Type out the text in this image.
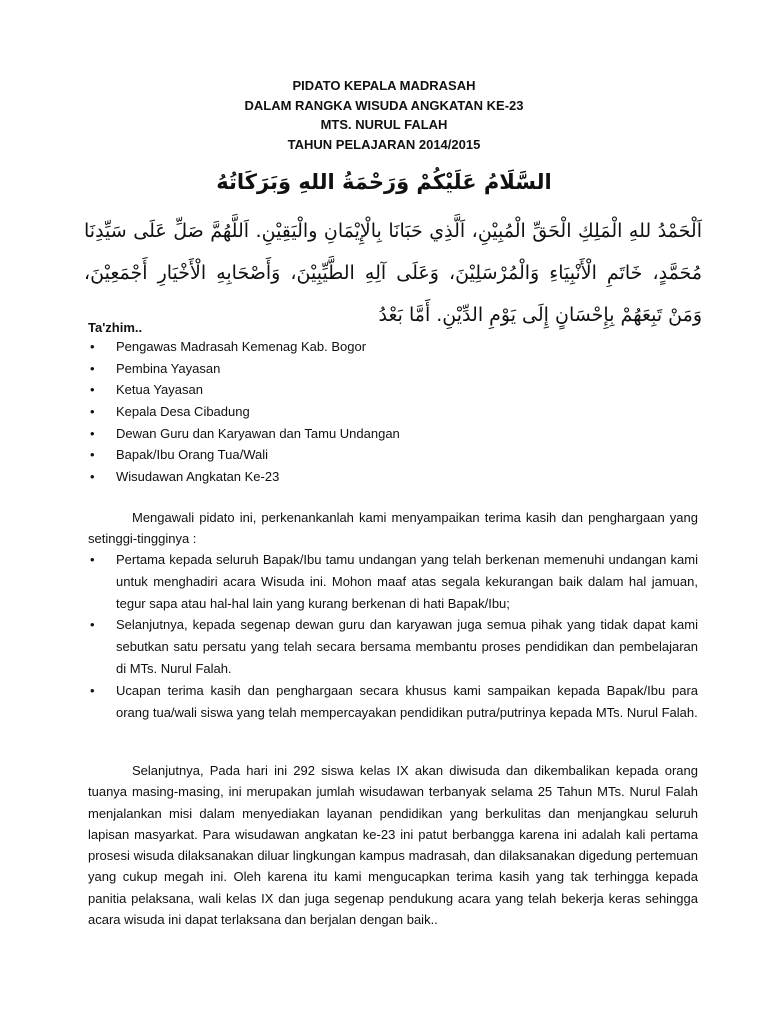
PIDATO KEPALA MADRASAH
DALAM RANGKA WISUDA ANGKATAN KE-23
MTS. NURUL FALAH
TAHUN PELAJARAN 2014/2015
السَّلَامُ عَلَيْكُمْ وَرَحْمَةُ اللهِ وَبَرَكَاتُهُ
اَلْحَمْدُ للهِ الْمَلِكِ الْحَقِّ الْمُبِيْنِ، اَلَّذِي حَبَانَا بِالْإِيْمَانِ والْيَقِيْنِ. اَللَّهُمَّ صَلِّ عَلَى سَيِّدِنَا مُحَمَّدٍ، خَاتَمِ الْأَنْبِيَاءِ وَالْمُرْسَلِيْنَ، وَعَلَى آلِهِ الطَّيِّبِيْنَ، وَأَصْحَابِهِ الْأَخْيَارِ أَجْمَعِيْنَ، وَمَنْ تَبِعَهُمْ بِإِحْسَانٍ إِلَى يَوْمِ الدِّيْنِ. أَمَّا بَعْدُ
Ta'zhim..
• Pengawas Madrasah Kemenag Kab. Bogor
• Pembina Yayasan
• Ketua Yayasan
• Kepala Desa Cibadung
• Dewan Guru dan Karyawan dan Tamu Undangan
• Bapak/Ibu Orang Tua/Wali
• Wisudawan Angkatan Ke-23
Mengawali pidato ini, perkenankanlah kami menyampaikan terima kasih dan penghargaan yang setinggi-tingginya :
• Pertama kepada seluruh Bapak/Ibu tamu undangan yang telah berkenan memenuhi undangan kami untuk menghadiri acara Wisuda ini. Mohon maaf atas segala kekurangan baik dalam hal jamuan, tegur sapa atau hal-hal lain yang kurang berkenan di hati Bapak/Ibu;
• Selanjutnya, kepada segenap dewan guru dan karyawan juga semua pihak yang tidak dapat kami sebutkan satu persatu yang telah secara bersama membantu proses pendidikan dan pembelajaran di MTs. Nurul Falah.
• Ucapan terima kasih dan penghargaan secara khusus kami sampaikan kepada Bapak/Ibu para orang tua/wali siswa yang telah mempercayakan pendidikan putra/putrinya kepada MTs. Nurul Falah.
Selanjutnya, Pada hari ini 292 siswa kelas IX akan diwisuda dan dikembalikan kepada orang tuanya masing-masing, ini merupakan jumlah wisudawan terbanyak selama 25 Tahun MTs. Nurul Falah menjalankan misi dalam menyediakan layanan pendidikan yang berkulitas dan menjangkau seluruh lapisan masyarkat. Para wisudawan angkatan ke-23 ini patut berbangga karena ini adalah kali pertama prosesi wisuda dilaksanakan diluar lingkungan kampus madrasah, dan dilaksanakan digedung pertemuan yang cukup megah ini. Oleh karena itu kami mengucapkan terima kasih yang tak terhingga kepada panitia pelaksana, wali kelas IX dan juga segenap pendukung acara yang telah bekerja keras sehingga acara wisuda ini dapat terlaksana dan berjalan dengan baik..
